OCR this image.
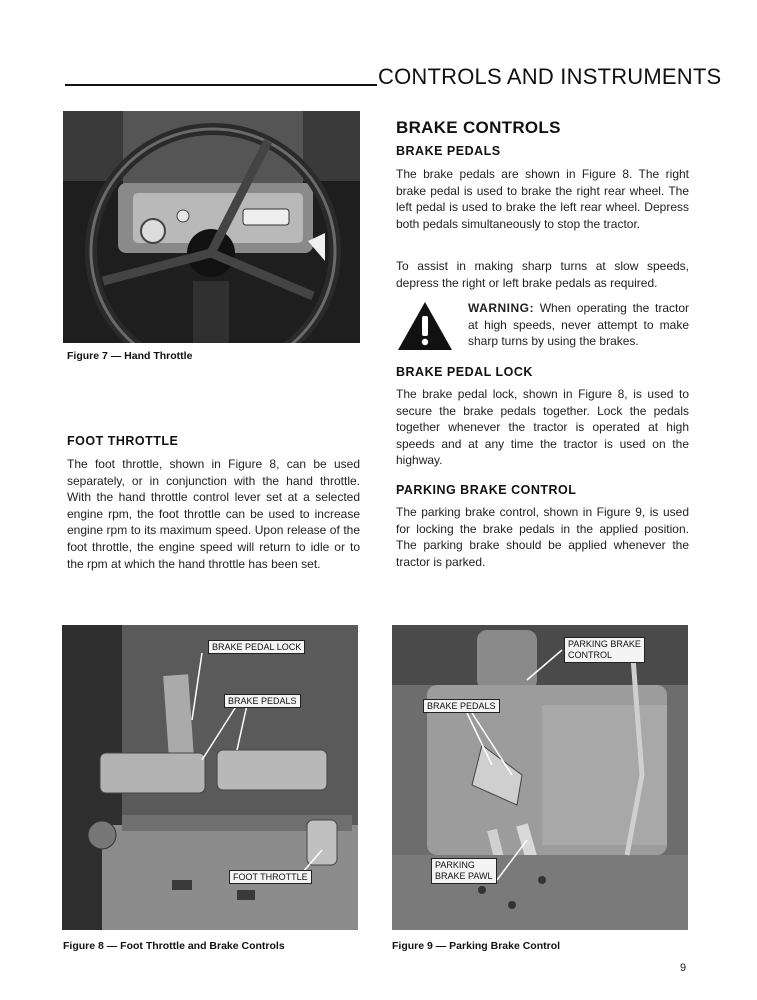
CONTROLS AND INSTRUMENTS
Figure 7 — Hand Throttle
FOOT THROTTLE
The foot throttle, shown in Figure 8, can be used separately, or in conjunction with the hand throttle. With the hand throttle control lever set at a selected engine rpm, the foot throttle can be used to increase engine rpm to its maximum speed. Upon release of the foot throttle, the engine speed will return to idle or to the rpm at which the hand throttle has been set.
BRAKE CONTROLS
BRAKE PEDALS
The brake pedals are shown in Figure 8. The right brake pedal is used to brake the right rear wheel. The left pedal is used to brake the left rear wheel. Depress both pedals simultaneously to stop the tractor.
To assist in making sharp turns at slow speeds, depress the right or left brake pedals as required.
WARNING: When operating the tractor at high speeds, never attempt to make sharp turns by using the brakes.
BRAKE PEDAL LOCK
The brake pedal lock, shown in Figure 8, is used to secure the brake pedals together. Lock the pedals together whenever the tractor is operated at high speeds and at any time the tractor is used on the highway.
PARKING BRAKE CONTROL
The parking brake control, shown in Figure 9, is used for locking the brake pedals in the applied position. The parking brake should be applied whenever the tractor is parked.
BRAKE PEDAL LOCK
BRAKE PEDALS
FOOT THROTTLE
Figure 8 — Foot Throttle and Brake Controls
PARKING BRAKE
CONTROL
BRAKE PEDALS
PARKING
BRAKE PAWL
Figure 9 — Parking Brake Control
9
